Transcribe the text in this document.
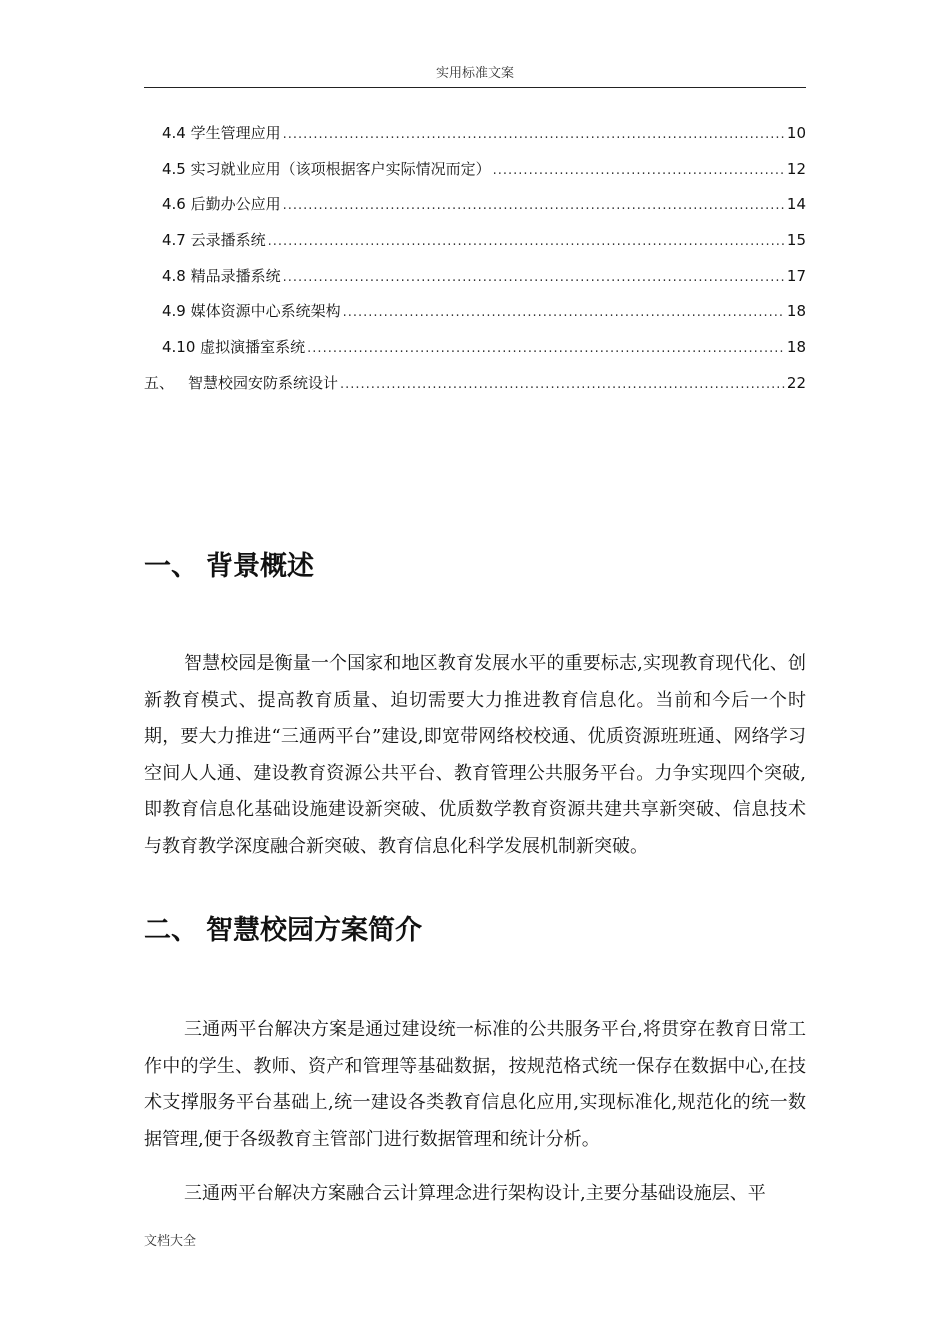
实用标准文案
4.4 学生管理应用 .....	10
4.5 实习就业应用（该项根据客户实际情况而定） .....	12
4.6 后勤办公应用 .....	14
4.7 云录播系统 .....	15
4.8 精品录播系统 .....	17
4.9 媒体资源中心系统架构 .....	18
4.10 虚拟演播室系统 .....	18
五、 智慧校园安防系统设计 .....	22
一、 背景概述
智慧校园是衡量一个国家和地区教育发展水平的重要标志,实现教育现代化、创新教育模式、提高教育质量、迫切需要大力推进教育信息化。当前和今后一个时期，要大力推进“三通两平台”建设,即宽带网络校校通、优质资源班班通、网络学习空间人人通、建设教育资源公共平台、教育管理公共服务平台。力争实现四个突破,即教育信息化基础设施建设新突破、优质数学教育资源共建共享新突破、信息技术与教育教学深度融合新突破、教育信息化科学发展机制新突破。
二、 智慧校园方案简介
三通两平台解决方案是通过建设统一标准的公共服务平台,将贯穿在教育日常工作中的学生、教师、资产和管理等基础数据，按规范格式统一保存在数据中心,在技术支撑服务平台基础上,统一建设各类教育信息化应用,实现标准化,规范化的统一数据管理,便于各级教育主管部门进行数据管理和统计分析。
三通两平台解决方案融合云计算理念进行架构设计,主要分基础设施层、平
文档大全
